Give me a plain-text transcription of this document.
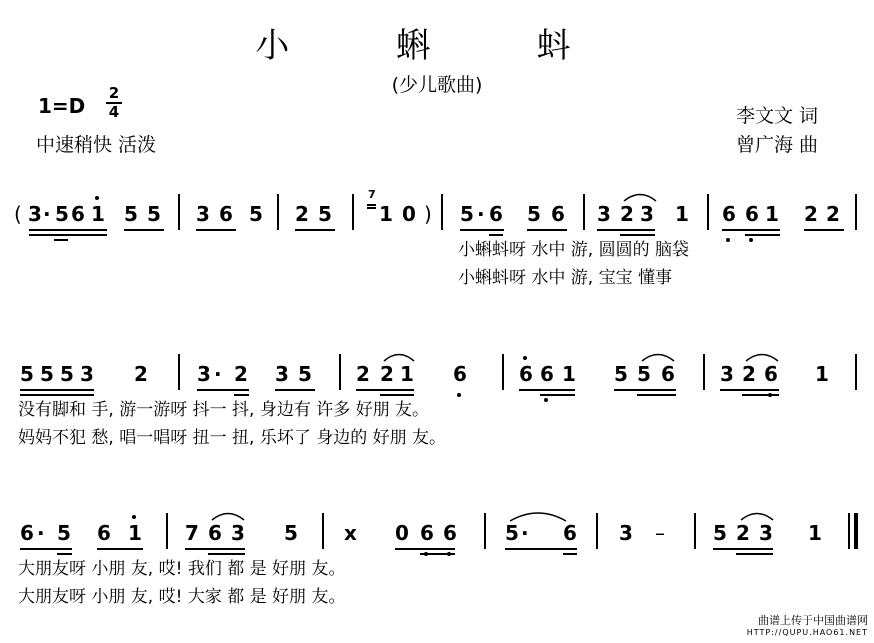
小 蝌 蚪
(少儿歌曲)
1=D
2
4
中速稍快 活泼
李文文 词
曾广海 曲
( 3 · 5 6 1 5 5 3 6 5 2 5
7
1 0 ) 5 · 6 5 6 3 2 3 1 6 6 1 2 2
小蝌蚪呀 水中 游, 圆圆的 脑袋
小蝌蚪呀 水中 游, 宝宝 懂事
5 5 5 3 2 3 · 2 3 5 2 2 1 6	6 6 1 5 5 6 3 2 6 1
没有脚和 手, 游一游呀 抖一 抖, 身边有 许多 好朋 友。
妈妈不犯 愁, 唱一唱呀 扭一 扭, 乐坏了 身边的 好朋 友。
6 · 5 6 1 7 6 3 5 x 0 6 6 5 · 6 3 – 5 2 3 1
大朋友呀 小朋 友, 哎! 我们 都 是 好朋 友。
大朋友呀 小朋 友, 哎! 大家 都 是 好朋 友。
曲谱上传于中国曲谱网
HTTP://QUPU.HAO61.NET
